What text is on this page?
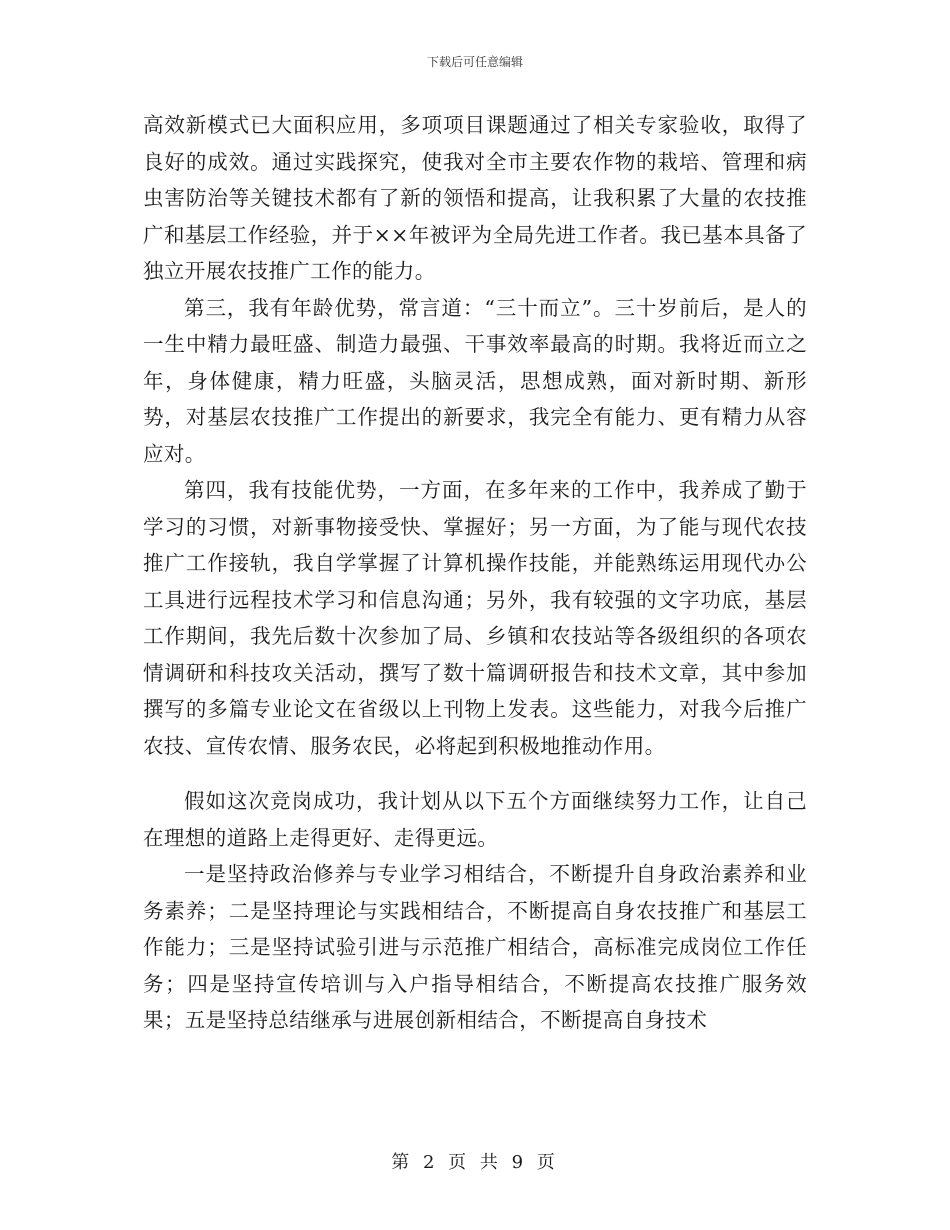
下载后可任意编辑

高效新模式已大面积应用，多项项目课题通过了相关专家验收，取得了良好的成效。通过实践探究，使我对全市主要农作物的栽培、管理和病虫害防治等关键技术都有了新的领悟和提高，让我积累了大量的农技推广和基层工作经验，并于××年被评为全局先进工作者。我已基本具备了独立开展农技推广工作的能力。

第三，我有年龄优势，常言道：“三十而立”。三十岁前后，是人的一生中精力最旺盛、制造力最强、干事效率最高的时期。我将近而立之年，身体健康，精力旺盛，头脑灵活，思想成熟，面对新时期、新形势，对基层农技推广工作提出的新要求，我完全有能力、更有精力从容应对。

第四，我有技能优势，一方面，在多年来的工作中，我养成了勤于学习的习惯，对新事物接受快、掌握好；另一方面，为了能与现代农技推广工作接轨，我自学掌握了计算机操作技能，并能熟练运用现代办公工具进行远程技术学习和信息沟通；另外，我有较强的文字功底，基层工作期间，我先后数十次参加了局、乡镇和农技站等各级组织的各项农情调研和科技攻关活动，撰写了数十篇调研报告和技术文章，其中参加撰写的多篇专业论文在省级以上刊物上发表。这些能力，对我今后推广农技、宣传农情、服务农民，必将起到积极地推动作用。

假如这次竞岗成功，我计划从以下五个方面继续努力工作，让自己在理想的道路上走得更好、走得更远。

一是坚持政治修养与专业学习相结合，不断提升自身政治素养和业务素养；二是坚持理论与实践相结合，不断提高自身农技推广和基层工作能力；三是坚持试验引进与示范推广相结合，高标准完成岗位工作任务；四是坚持宣传培训与入户指导相结合，不断提高农技推广服务效果；五是坚持总结继承与进展创新相结合，不断提高自身技术

第 2 页 共 9 页
